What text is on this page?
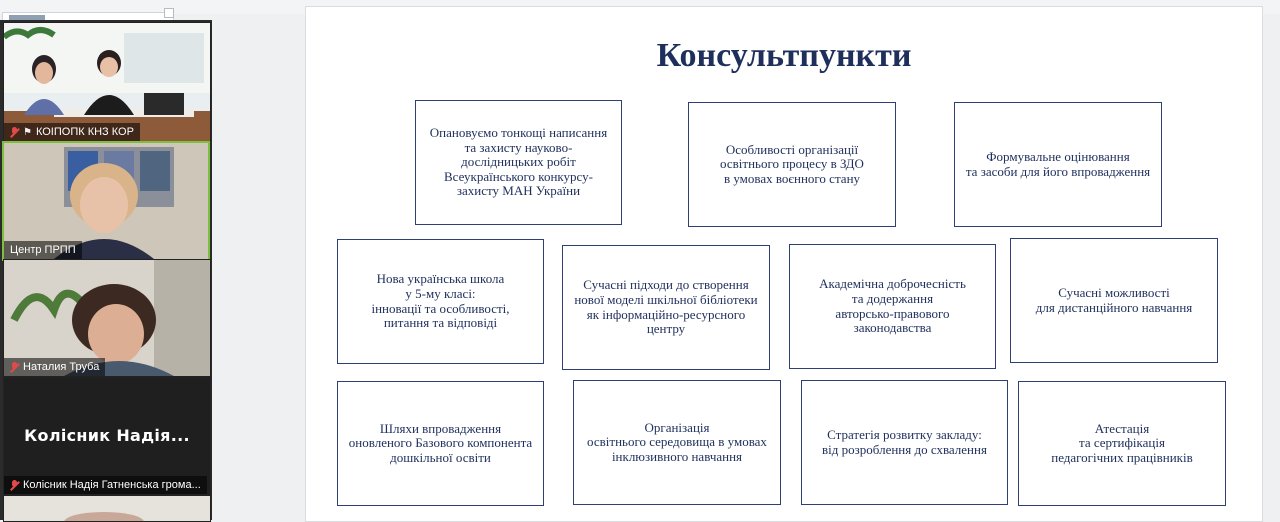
⚑ КОІПОПК КНЗ КОР
Центр ПРПП
Наталия Труба
Колісник Надія...
Колісник Надія Гатненська грома...
Консультпункти
Опановуємо тонкощі написання
та захисту науково-
дослідницьких робіт
Всеукраїнського конкурсу-
захисту МАН України
Особливості організації
освітнього процесу в ЗДО
в умовах воєнного стану
Формувальне оцінювання
та засоби для його впровадження
Нова українська школа
у 5-му класі:
інновації та особливості,
питання та відповіді
Сучасні підходи до створення
нової моделі шкільної бібліотеки
як інформаційно-ресурсного
центру
Академічна доброчесність
та додержання
авторсько-правового
законодавства
Сучасні можливості
для дистанційного навчання
Шляхи впровадження
оновленого Базового компонента
дошкільної освіти
Організація
освітнього середовища в умовах
інклюзивного навчання
Стратегія розвитку закладу:
від розроблення до схвалення
Атестація
та сертифікація
педагогічних працівників
